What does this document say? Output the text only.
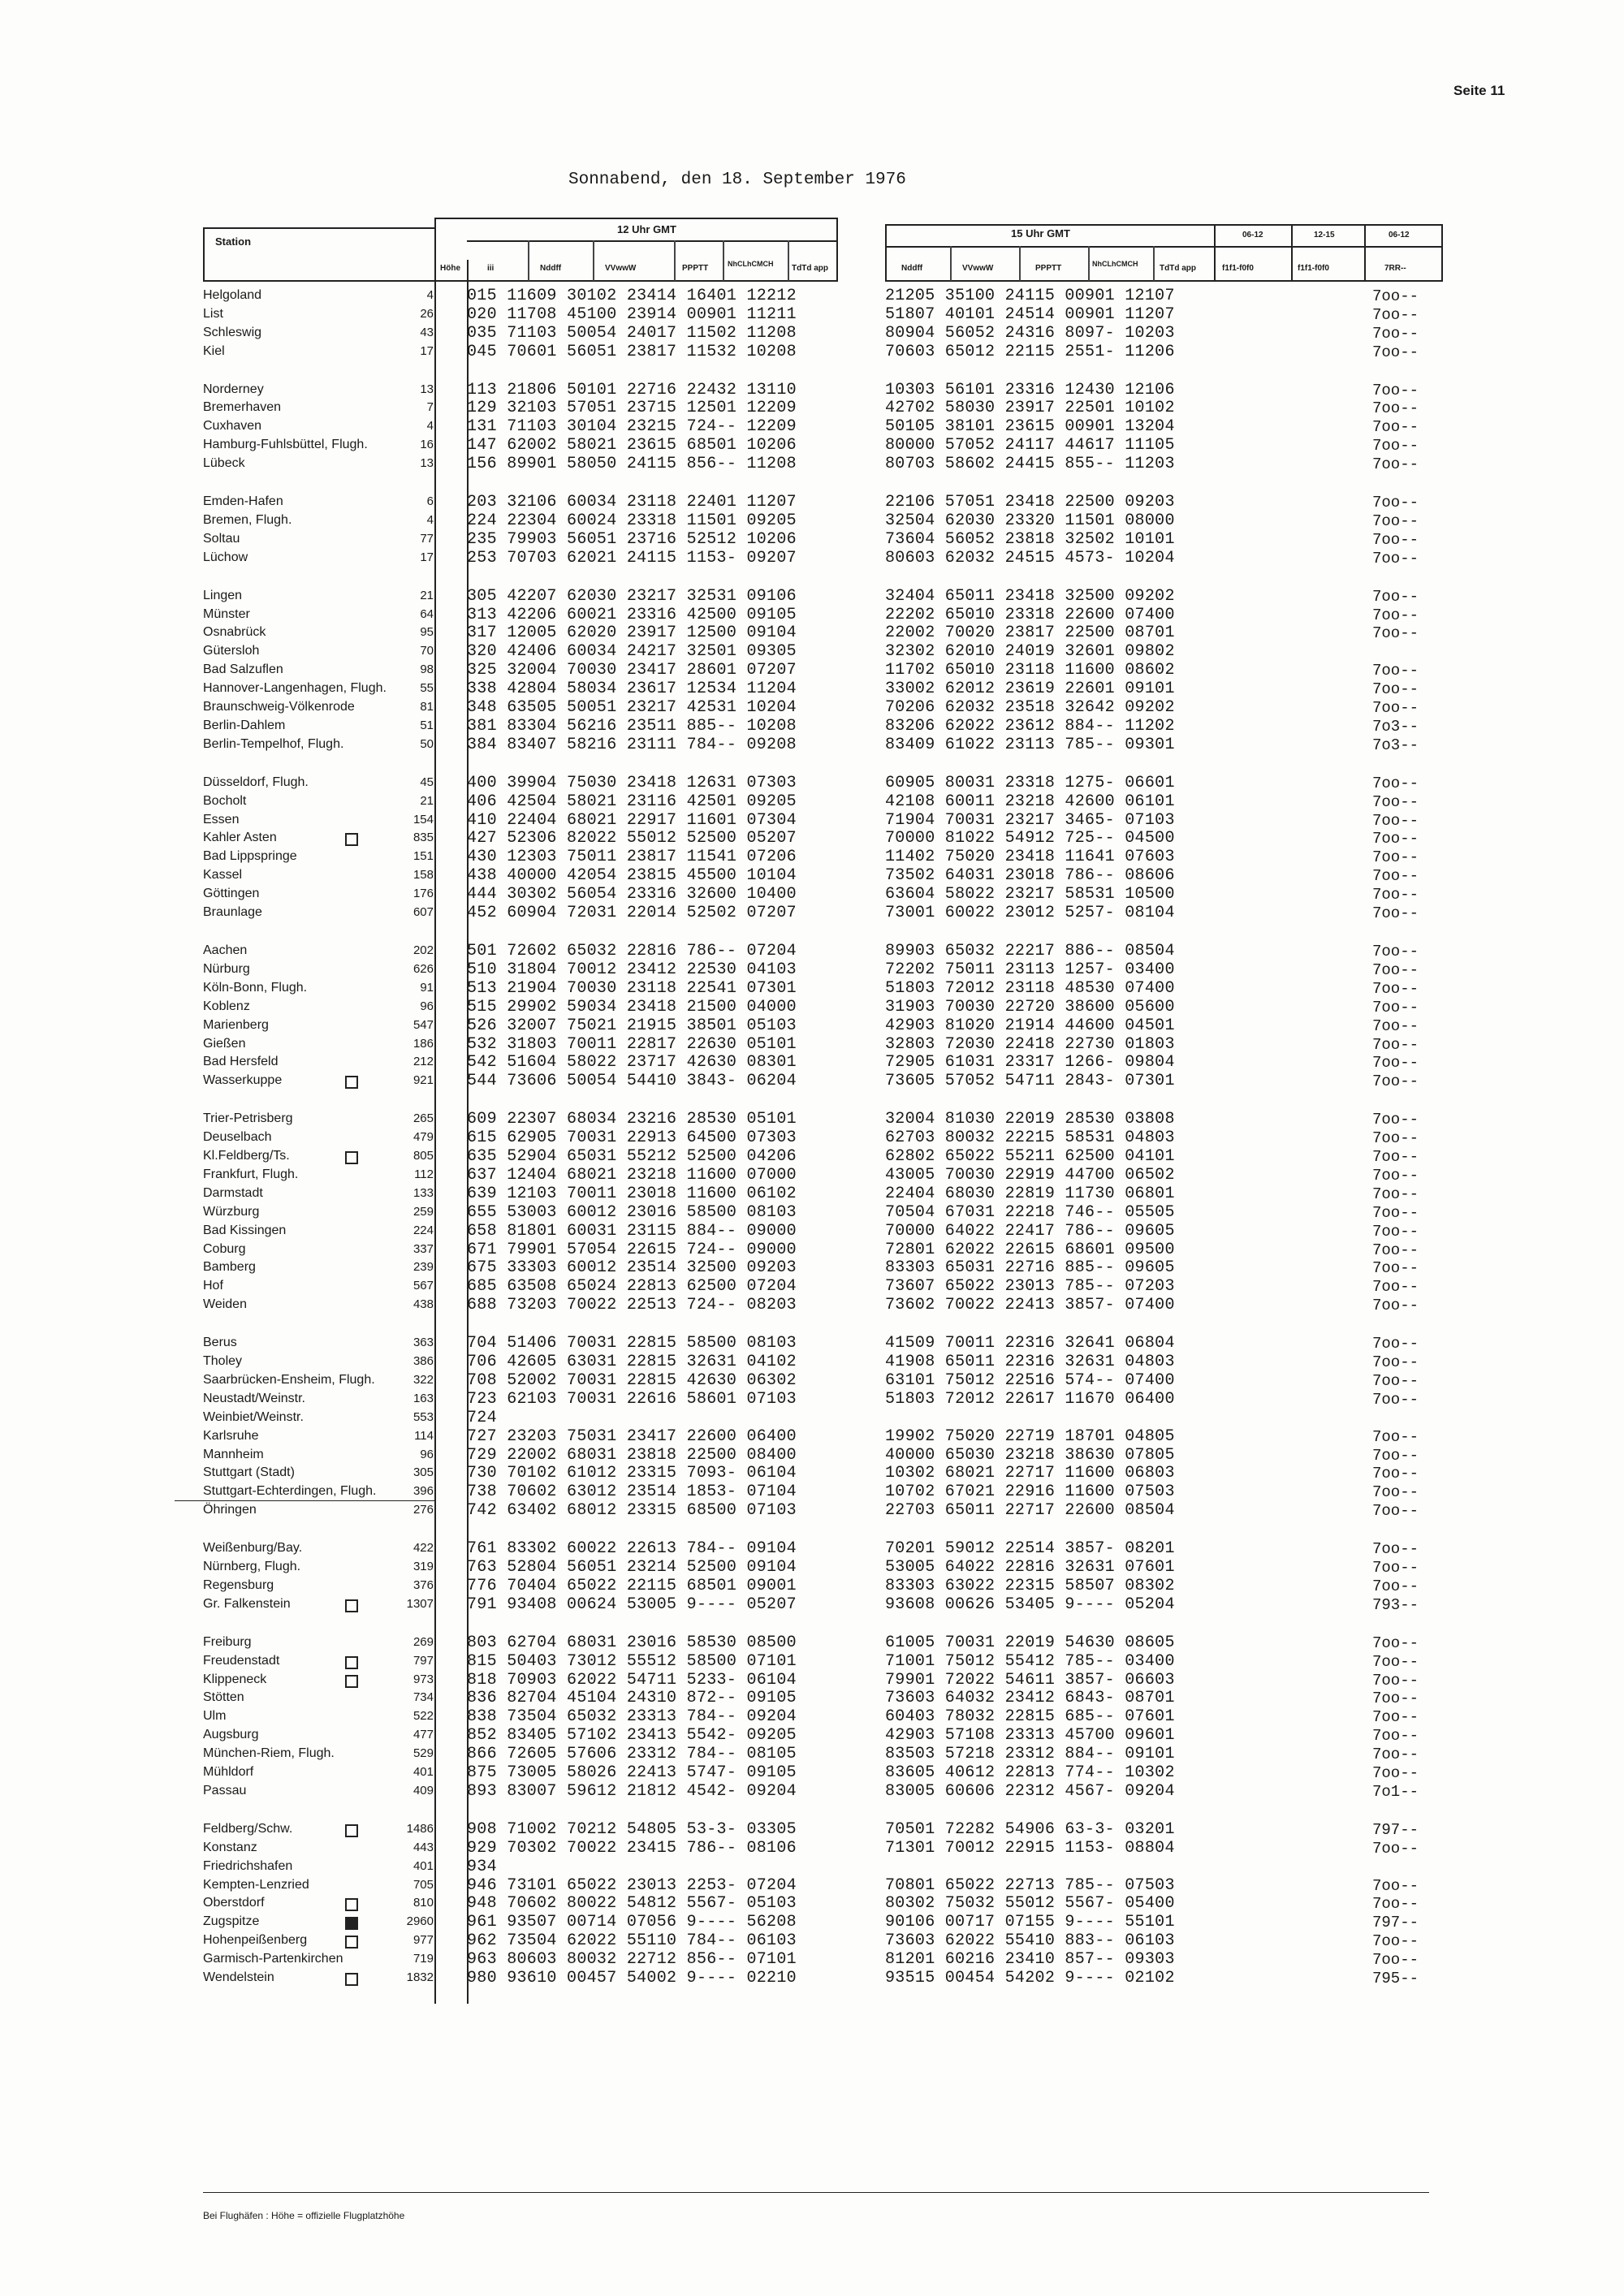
Seite 11
Sonnabend, den 18. September 1976
Station
Höhe	iii
12 Uhr GMT
Nddff	VVwwW	PPPTT	NhCLhCMCH TdTd app
15 Uhr GMT
Nddff	VVwwW	PPPTT	NhCLhCMCH	TdTd app
06-12	12-15	06-12
f1f1-f0f0	f1f1-f0f0	7RR--
Helgoland	4 015 11609 30102 23414 16401 12212	21205 35100 24115 00901 12107	7oo--
List	26 020 11708 45100 23914 00901 11211	51807 40101 24514 00901 11207	7oo--
Schleswig	43 035 71103 50054 24017 11502 11208	80904 56052 24316 8097- 10203	7oo--
Kiel	17 045 70601 56051 23817 11532 10208	70603 65012 22115 2551- 11206	7oo--
Norderney	13 113 21806 50101 22716 22432 13110	10303 56101 23316 12430 12106	7oo--
Bremerhaven	7 129 32103 57051 23715 12501 12209	42702 58030 23917 22501 10102	7oo--
Cuxhaven	4 131 71103 30104 23215 724-- 12209	50105 38101 23615 00901 13204	7oo--
Hamburg-Fuhlsbüttel, Flugh.	16 147 62002 58021 23615 68501 10206	80000 57052 24117 44617 11105	7oo--
Lübeck	13 156 89901 58050 24115 856-- 11208	80703 58602 24415 855-- 11203	7oo--
Emden-Hafen	6 203 32106 60034 23118 22401 11207	22106 57051 23418 22500 09203	7oo--
Bremen, Flugh.	4 224 22304 60024 23318 11501 09205	32504 62030 23320 11501 08000	7oo--
Soltau	77 235 79903 56051 23716 52512 10206	73604 56052 23818 32502 10101	7oo--
Lüchow	17 253 70703 62021 24115 1153- 09207	80603 62032 24515 4573- 10204	7oo--
Lingen	21 305 42207 62030 23217 32531 09106	32404 65011 23418 32500 09202	7oo--
Münster	64 313 42206 60021 23316 42500 09105	22202 65010 23318 22600 07400	7oo--
Osnabrück	95 317 12005 62020 23917 12500 09104	22002 70020 23817 22500 08701	7oo--
Gütersloh	70 320 42406 60034 24217 32501 09305	32302 62010 24019 32601 09802
Bad Salzuflen	98 325 32004 70030 23417 28601 07207	11702 65010 23118 11600 08602	7oo--
Hannover-Langenhagen, Flugh.	55 338 42804 58034 23617 12534 11204	33002 62012 23619 22601 09101	7oo--
Braunschweig-Völkenrode	81 348 63505 50051 23217 42531 10204	70206 62032 23518 32642 09202	7oo--
Berlin-Dahlem	51 381 83304 56216 23511 885-- 10208	83206 62022 23612 884-- 11202	7o3--
Berlin-Tempelhof, Flugh.	50 384 83407 58216 23111 784-- 09208	83409 61022 23113 785-- 09301	7o3--
Düsseldorf, Flugh.	45 400 39904 75030 23418 12631 07303	60905 80031 23318 1275- 06601	7oo--
Bocholt	21 406 42504 58021 23116 42501 09205	42108 60011 23218 42600 06101	7oo--
Essen	154 410 22404 68021 22917 11601 07304	71904 70031 23217 3465- 07103	7oo--
Kahler Asten	835 427 52306 82022 55012 52500 05207	70000 81022 54912 725-- 04500	7oo--
Bad Lippspringe	151 430 12303 75011 23817 11541 07206	11402 75020 23418 11641 07603	7oo--
Kassel	158 438 40000 42054 23815 45500 10104	73502 64031 23018 786-- 08606	7oo--
Göttingen	176 444 30302 56054 23316 32600 10400	63604 58022 23217 58531 10500	7oo--
Braunlage	607 452 60904 72031 22014 52502 07207	73001 60022 23012 5257- 08104	7oo--
Aachen	202 501 72602 65032 22816 786-- 07204	89903 65032 22217 886-- 08504	7oo--
Nürburg	626 510 31804 70012 23412 22530 04103	72202 75011 23113 1257- 03400	7oo--
Köln-Bonn, Flugh.	91 513 21904 70030 23118 22541 07301	51803 72012 23118 48530 07400	7oo--
Koblenz	96 515 29902 59034 23418 21500 04000	31903 70030 22720 38600 05600	7oo--
Marienberg	547 526 32007 75021 21915 38501 05103	42903 81020 21914 44600 04501	7oo--
Gießen	186 532 31803 70011 22817 22630 05101	32803 72030 22418 22730 01803	7oo--
Bad Hersfeld	212 542 51604 58022 23717 42630 08301	72905 61031 23317 1266- 09804	7oo--
Wasserkuppe	921 544 73606 50054 54410 3843- 06204	73605 57052 54711 2843- 07301	7oo--
Trier-Petrisberg	265 609 22307 68034 23216 28530 05101	32004 81030 22019 28530 03808	7oo--
Deuselbach	479 615 62905 70031 22913 64500 07303	62703 80032 22215 58531 04803	7oo--
Kl.Feldberg/Ts.	805 635 52904 65031 55212 52500 04206	62802 65022 55211 62500 04101	7oo--
Frankfurt, Flugh.	112 637 12404 68021 23218 11600 07000	43005 70030 22919 44700 06502	7oo--
Darmstadt	133 639 12103 70011 23018 11600 06102	22404 68030 22819 11730 06801	7oo--
Würzburg	259 655 53003 60012 23016 58500 08103	70504 67031 22218 746-- 05505	7oo--
Bad Kissingen	224 658 81801 60031 23115 884-- 09000	70000 64022 22417 786-- 09605	7oo--
Coburg	337 671 79901 57054 22615 724-- 09000	72801 62022 22615 68601 09500	7oo--
Bamberg	239 675 33303 60012 23514 32500 09203	83303 65031 22716 885-- 09605	7oo--
Hof	567 685 63508 65024 22813 62500 07204	73607 65022 23013 785-- 07203	7oo--
Weiden	438 688 73203 70022 22513 724-- 08203	73602 70022 22413 3857- 07400	7oo--
Berus	363 704 51406 70031 22815 58500 08103	41509 70011 22316 32641 06804	7oo--
Tholey	386 706 42605 63031 22815 32631 04102	41908 65011 22316 32631 04803	7oo--
Saarbrücken-Ensheim, Flugh.	322 708 52002 70031 22815 42630 06302	63101 75012 22516 574-- 07400	7oo--
Neustadt/Weinstr.	163 723 62103 70031 22616 58601 07103	51803 72012 22617 11670 06400	7oo--
Weinbiet/Weinstr.	553 724
Karlsruhe	114 727 23203 75031 23417 22600 06400	19902 75020 22719 18701 04805	7oo--
Mannheim	96 729 22002 68031 23818 22500 08400	40000 65030 23218 38630 07805	7oo--
Stuttgart (Stadt)	305 730 70102 61012 23315 7093- 06104	10302 68021 22717 11600 06803	7oo--
Stuttgart-Echterdingen, Flugh.	396 738 70602 63012 23514 1853- 07104	10702 67021 22916 11600 07503	7oo--
Öhringen	276 742 63402 68012 23315 68500 07103	22703 65011 22717 22600 08504	7oo--
Weißenburg/Bay.	422 761 83302 60022 22613 784-- 09104	70201 59012 22514 3857- 08201	7oo--
Nürnberg, Flugh.	319 763 52804 56051 23214 52500 09104	53005 64022 22816 32631 07601	7oo--
Regensburg	376 776 70404 65022 22115 68501 09001	83303 63022 22315 58507 08302	7oo--
Gr. Falkenstein	1307 791 93408 00624 53005 9---- 05207	93608 00626 53405 9---- 05204	793--
Freiburg	269 803 62704 68031 23016 58530 08500	61005 70031 22019 54630 08605	7oo--
Freudenstadt	797 815 50403 73012 55512 58500 07101	71001 75012 55412 785-- 03400	7oo--
Klippeneck	973 818 70903 62022 54711 5233- 06104	79901 72022 54611 3857- 06603	7oo--
Stötten	734 836 82704 45104 24310 872-- 09105	73603 64032 23412 6843- 08701	7oo--
Ulm	522 838 73504 65032 23313 784-- 09204	60403 78032 22815 685-- 07601	7oo--
Augsburg	477 852 83405 57102 23413 5542- 09205	42903 57108 23313 45700 09601	7oo--
München-Riem, Flugh.	529 866 72605 57606 23312 784-- 08105	83503 57218 23312 884-- 09101	7oo--
Mühldorf	401 875 73005 58026 22413 5747- 09105	83605 40612 22813 774-- 10302	7oo--
Passau	409 893 83007 59612 21812 4542- 09204	83005 60606 22312 4567- 09204	7o1--
Feldberg/Schw.	1486 908 71002 70212 54805 53-3- 03305	70501 72282 54906 63-3- 03201	797--
Konstanz	443 929 70302 70022 23415 786-- 08106	71301 70012 22915 1153- 08804	7oo--
Friedrichshafen	401 934
Kempten-Lenzried	705 946 73101 65022 23013 2253- 07204	70801 65022 22713 785-- 07503	7oo--
Oberstdorf	810 948 70602 80022 54812 5567- 05103	80302 75032 55012 5567- 05400	7oo--
Zugspitze	2960 961 93507 00714 07056 9---- 56208	90106 00717 07155 9---- 55101	797--
Hohenpeißenberg	977 962 73504 62022 55110 784-- 06103	73603 62022 55410 883-- 06103	7oo--
Garmisch-Partenkirchen	719 963 80603 80032 22712 856-- 07101	81201 60216 23410 857-- 09303	7oo--
Wendelstein	1832 980 93610 00457 54002 9---- 02210	93515 00454 54202 9---- 02102	795--
Bei Flughäfen : Höhe = offizielle Flugplatzhöhe
